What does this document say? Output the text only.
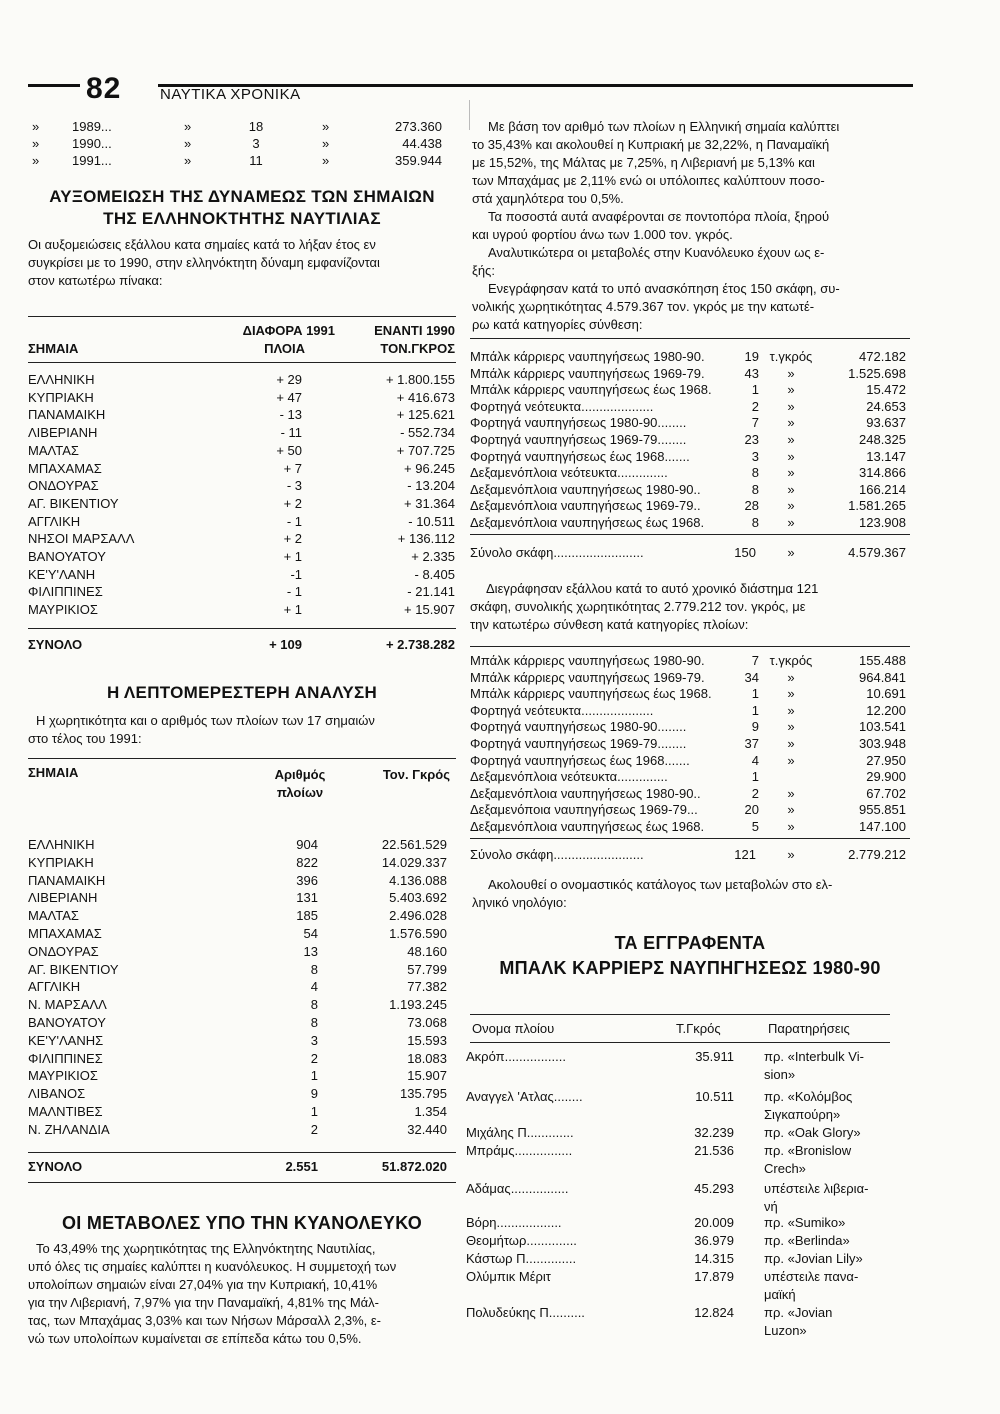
82	ΝΑΥΤΙΚΑ ΧΡΟΝΙΚΑ
»	1989...	»	18	»	273.360
»	1990...	»	3	»	44.438
»	1991...	»	11	»	359.944
ΑΥΞΟΜΕΙΩΣΗ ΤΗΣ ΔΥΝΑΜΕΩΣ ΤΩΝ ΣΗΜΑΙΩΝ
ΤΗΣ ΕΛΛΗΝΟΚΤΗΤΗΣ ΝΑΥΤΙΛΙΑΣ
Οι αυξομειώσεις εξάλλου κατα σημαίες κατά το λήξαν έτος εν
συγκρίσει με το 1990, στην ελληνόκτητη δύναμη εμφανίζονται
στον κατωτέρω πίνακα:
ΔΙΑΦΟΡΑ 1991	ΕΝΑΝΤΙ 1990
ΣΗΜΑΙΑ	ΠΛΟΙΑ	ΤΟΝ.ΓΚΡΟΣ
ΕΛΛΗΝΙΚΗ	+ 29	+ 1.800.155
ΚΥΠΡΙΑΚΗ	+ 47	+ 416.673
ΠΑΝΑΜΑΙΚΗ	- 13	+ 125.621
ΛΙΒΕΡΙΑΝΗ	- 11	- 552.734
ΜΑΛΤΑΣ	+ 50	+ 707.725
ΜΠΑΧΑΜΑΣ	+ 7	+ 96.245
ΟΝΔΟΥΡΑΣ	- 3	- 13.204
ΑΓ. ΒΙΚΕΝΤΙΟΥ	+ 2	+ 31.364
ΑΓΓΛΙΚΗ	- 1	- 10.511
ΝΗΣΟΙ ΜΑΡΣΑΛΛ	+ 2	+ 136.112
ΒΑΝΟΥΑΤΟΥ	+ 1	+ 2.335
ΚΕ'Υ'ΛΑΝΗ	-1	- 8.405
ΦΙΛΙΠΠΙΝΕΣ	- 1	- 21.141
ΜΑΥΡΙΚΙΟΣ	+ 1	+ 15.907
ΣΥΝΟΛΟ	+ 109	+ 2.738.282
Η ΛΕΠΤΟΜΕΡΕΣΤΕΡΗ ΑΝΑΛΥΣΗ
Η χωρητικότητα και ο αριθμός των πλοίων των 17 σημαιών
στο τέλος του 1991:
ΣΗΜΑΙΑ	Αριθμός
πλοίων
Τον. Γκρός
ΕΛΛΗΝΙΚΗ	904	22.561.529
ΚΥΠΡΙΑΚΗ	822	14.029.337
ΠΑΝΑΜΑΙΚΗ	396	4.136.088
ΛΙΒΕΡΙΑΝΗ	131	5.403.692
ΜΑΛΤΑΣ	185	2.496.028
ΜΠΑΧΑΜΑΣ	54	1.576.590
ΟΝΔΟΥΡΑΣ	13	48.160
ΑΓ. ΒΙΚΕΝΤΙΟΥ	8	57.799
ΑΓΓΛΙΚΗ	4	77.382
Ν. ΜΑΡΣΑΛΛ	8	1.193.245
ΒΑΝΟΥΑΤΟΥ	8	73.068
ΚΕ'Υ'ΛΑΝΗΣ	3	15.593
ΦΙΛΙΠΠΙΝΕΣ	2	18.083
ΜΑΥΡΙΚΙΟΣ	1	15.907
ΛΙΒΑΝΟΣ	9	135.795
ΜΑΛΝΤΙΒΕΣ	1	1.354
Ν. ΖΗΛΑΝΔΙΑ	2	32.440
ΣΥΝΟΛΟ	2.551	51.872.020
ΟΙ ΜΕΤΑΒΟΛΕΣ ΥΠΟ ΤΗΝ ΚΥΑΝΟΛΕΥΚΟ
Το 43,49% της χωρητικότητας της Ελληνόκτητης Ναυτιλίας,
υπό όλες τις σημαίες καλύπτει η κυανόλευκος. Η συμμετοχή των
υπολοίπων σημαιών είναι 27,04% για την Κυπριακή, 10,41%
για την Λιβεριανή, 7,97% για την Παναμαϊκή, 4,81% της Μάλ-
τας, των Μπαχάμας 3,03% και των Νήσων Μάρσαλλ 2,3%, ε-
νώ των υπολοίπων κυμαίνεται σε επίπεδα κάτω του 0,5%.
Με βάση τον αριθμό των πλοίων η Ελληνική σημαία καλύπτει
το 35,43% και ακολουθεί η Κυπριακή με 32,22%, η Παναμαϊκή
με 15,52%, της Μάλτας με 7,25%, η Λιβεριανή με 5,13% και
των Μπαχάμας με 2,11% ενώ οι υπόλοιπες καλύπτουν ποσο-
στά χαμηλότερα του 0,5%.
Τα ποσοστά αυτά αναφέρονται σε ποντοπόρα πλοία, ξηρού
και υγρού φορτίου άνω των 1.000 τον. γκρός.
Αναλυτικώτερα οι μεταβολές στην Κυανόλευκο έχουν ως ε-
ξής:
Ενεγράφησαν κατά το υπό ανασκόπηση έτος 150 σκάφη, συ-
νολικής χωρητικότητας 4.579.367 τον. γκρός με την κατωτέ-
ρω κατά κατηγορίες σύνθεση:
Μπάλκ κάρριερς ναυπηγήσεως 1980-90.	19 τ.γκρός	472.182
Μπάλκ κάρριερς ναυπηγήσεως 1969-79.	43	»	1.525.698
Μπάλκ κάρριερς ναυπηγήσεως έως 1968.	1	»	15.472
Φορτηγά νεότευκτα....................	2	»	24.653
Φορτηγά ναυπηγήσεως 1980-90........	7	»	93.637
Φορτηγά ναυπηγήσεως 1969-79........	23	»	248.325
Φορτηγά ναυπηγήσεως έως 1968.......	3	»	13.147
Δεξαμενόπλοια νεότευκτα..............	8	»	314.866
Δεξαμενόπλοια ναυπηγήσεως 1980-90..	8	»	166.214
Δεξαμενόπλοια ναυπηγήσεως 1969-79..	28	»	1.581.265
Δεξαμενόπλοια ναυπηγήσεως έως 1968.	8	»	123.908
Σύνολο σκάφη.........................	150	»	4.579.367
Διεγράφησαν εξάλλου κατά το αυτό χρονικό διάστημα 121
σκάφη, συνολικής χωρητικότητας 2.779.212 τον. γκρός, με
την κατωτέρω σύνθεση κατά κατηγορίες πλοίων:
Μπάλκ κάρριερς ναυπηγήσεως 1980-90.	7 τ.γκρός	155.488
Μπάλκ κάρριερς ναυπηγήσεως 1969-79.	34	»	964.841
Μπάλκ κάρριερς ναυπηγήσεως έως 1968.	1	»	10.691
Φορτηγά νεότευκτα....................	1	»	12.200
Φορτηγά ναυπηγήσεως 1980-90........	9	»	103.541
Φορτηγά ναυπηγήσεως 1969-79........	37	»	303.948
Φορτηγά ναυπηγήσεως έως 1968.......	4	»	27.950
Δεξαμενόπλοια νεότευκτα..............	1	29.900
Δεξαμενόπλοια ναυπηγήσεως 1980-90..	2	»	67.702
Δεξαμενόποια ναυπηγήσεως 1969-79...	20	»	955.851
Δεξαμενόπλοια ναυπηγήσεως έως 1968.	5	»	147.100
Σύνολο σκάφη.........................	121	»	2.779.212
Ακολουθεί ο ονομαστικός κατάλογος των μεταβολών στο ελ-
ληνικό νηολόγιο:
ΤΑ ΕΓΓΡΑΦΕΝΤΑ
ΜΠΑΛΚ ΚΑΡΡΙΕΡΣ ΝΑΥΠΗΓΗΣΕΩΣ 1980-90
Ονομα πλοίου	Τ.Γκρός	Παρατηρήσεις
Ακρόπ.................	35.911 πρ. «Interbulk Vi-
sion»
Αναγγελ 'Ατλας........	10.511 πρ. «Κολόμβος
Σιγκαπούρη»
Μιχάλης Π.............	32.239 πρ. «Oak Glory»
Μπράμς................	21.536 πρ. «Bronislow
Crech»
Αδάμας................	45.293 υπέστειλε λιβερια-
νή
Βόρη..................	20.009 πρ. «Sumiko»
Θεομήτωρ..............	36.979 πρ. «Berlinda»
Κάστωρ Π..............	14.315 πρ. «Jovian Lily»
Ολύμπικ Μέριτ	17.879 υπέστειλε πανα-
μαϊκή
Πολυδεύκης Π..........	12.824 πρ. «Jovian
Luzon»
